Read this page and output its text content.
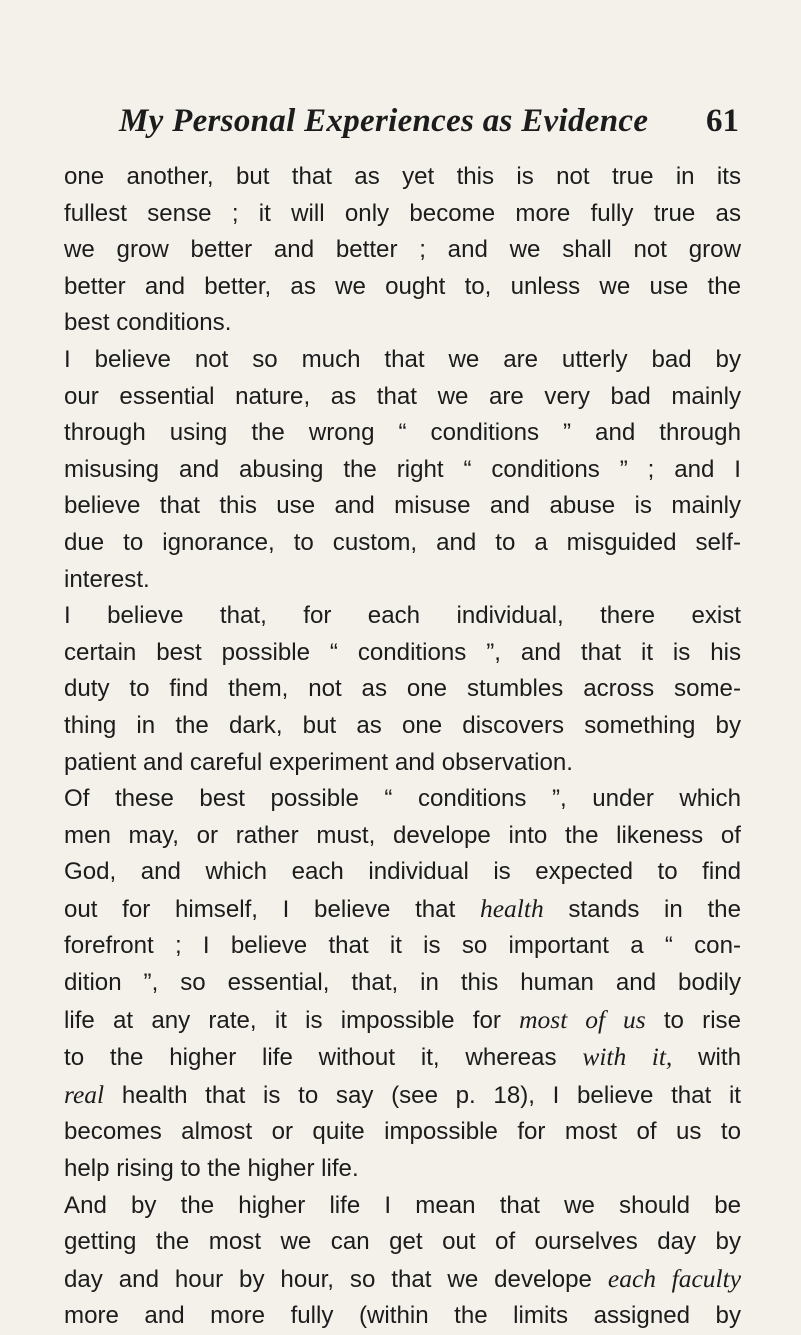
My Personal Experiences as Evidence 61

one another, but that as yet this is not true in its
fullest sense ; it will only become more fully true as
we grow better and better ; and we shall not grow
better and better, as we ought to, unless we use the
best conditions.

I believe not so much that we are utterly bad by
our essential nature, as that we are very bad mainly
through using the wrong “ conditions ” and through
misusing and abusing the right “ conditions ” ; and I
believe that this use and misuse and abuse is mainly
due to ignorance, to custom, and to a misguided self-
interest.

I believe that, for each individual, there exist
certain best possible “ conditions ”, and that it is his
duty to find them, not as one stumbles across some-
thing in the dark, but as one discovers something by
patient and careful experiment and observation.

Of these best possible “ conditions ”, under which
men may, or rather must, develope into the likeness of
God, and which each individual is expected to find
out for himself, I believe that health stands in the
forefront ; I believe that it is so important a “ con-
dition ”, so essential, that, in this human and bodily
life at any rate, it is impossible for most of us to rise
to the higher life without it, whereas with it, with
real health that is to say (see p. 18), I believe that it
becomes almost or quite impossible for most of us to
help rising to the higher life.

And by the higher life I mean that we should be
getting the most we can get out of ourselves day by
day and hour by hour, so that we develope each faculty
more and more fully (within the limits assigned by
